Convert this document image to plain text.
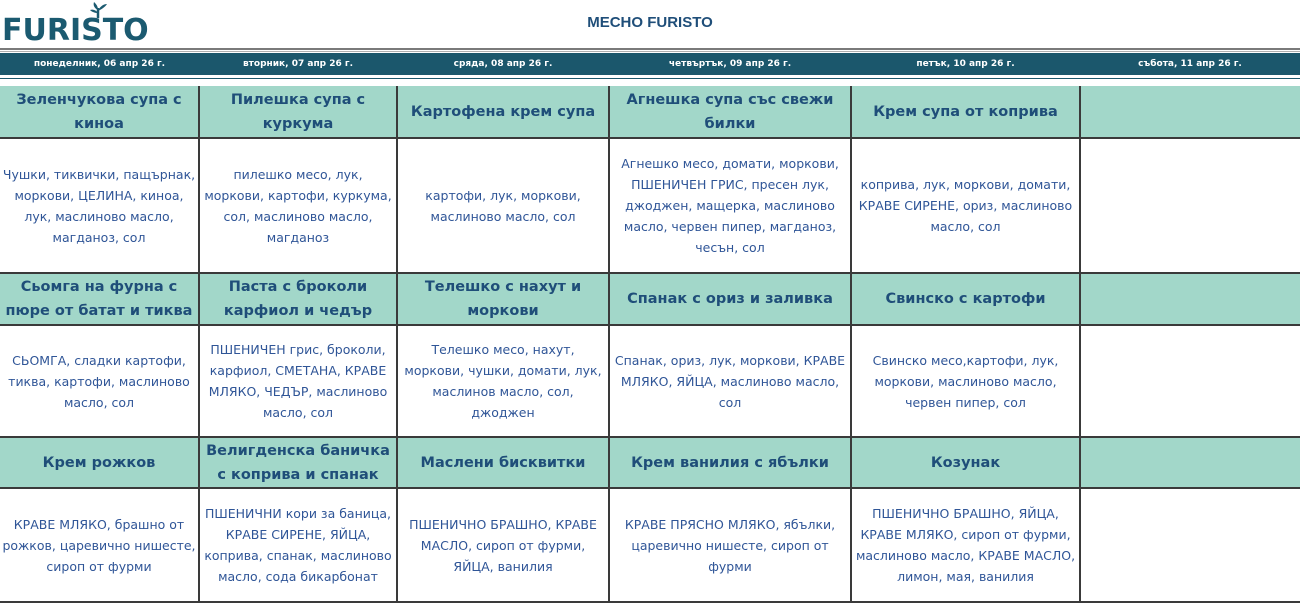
FURISTO	МЕСНО FURISTO
понеделник, 06 апр 26 г.	вторник, 07 апр 26 г.	сряда, 08 апр 26 г.	четвъртък, 09 апр 26 г.	петък, 10 апр 26 г.	събота, 11 апр 26 г.
Зеленчукова супа с киноа	Пилешка супа с куркума	Картофена крем супа	Агнешка супа със свежи билки	Крем супа от коприва	
Чушки, тиквички, пащърнак, моркови, ЦЕЛИНА, киноа, лук, маслиново масло, магданоз, сол	пилешко месо, лук, моркови, картофи, куркума, сол, маслиново масло, магданоз	картофи, лук, моркови, маслиново масло, сол	Агнешко месо, домати, моркови, ПШЕНИЧЕН ГРИС, пресен лук, джоджен, мащерка, маслиново масло, червен пипер, магданоз, чесън, сол	коприва, лук, моркови, домати, КРАВЕ СИРЕНЕ, ориз, маслиново масло, сол	
Сьомга на фурна с пюре от батат и тиква	Паста с броколи карфиол и чедър	Телешко с нахут и моркови	Спанак с ориз и заливка	Свинско с картофи	
СЬОМГА, сладки картофи, тиква, картофи, маслиново масло, сол	ПШЕНИЧЕН грис, броколи, карфиол, СМЕТАНА, КРАВЕ МЛЯКО, ЧЕДЪР, маслиново масло, сол	Телешко месо, нахут, моркови, чушки, домати, лук, маслинов масло, сол, джоджен	Спанак, ориз, лук, моркови, КРАВЕ МЛЯКО, ЯЙЦА, маслиново масло, сол	Свинско месо,картофи, лук, моркови, маслиново масло, червен пипер, сол	
Крем рожков	Велигденска баничка с коприва и спанак	Маслени бисквитки	Крем ванилия с ябълки	Козунак	
КРАВЕ МЛЯКО, брашно от рожков, царевично нишесте, сироп от фурми	ПШЕНИЧНИ кори за баница, КРАВЕ СИРЕНЕ, ЯЙЦА, коприва, спанак, маслиново масло, сода бикарбонат	ПШЕНИЧНО БРАШНО, КРАВЕ МАСЛО, сироп от фурми, ЯЙЦА, ванилия	КРАВЕ ПРЯСНО МЛЯКО, ябълки, царевично нишесте, сироп от фурми	ПШЕНИЧНО БРАШНО, ЯЙЦА, КРАВЕ МЛЯКО, сироп от фурми, маслиново масло, КРАВЕ МАСЛО, лимон, мая, ванилия	
